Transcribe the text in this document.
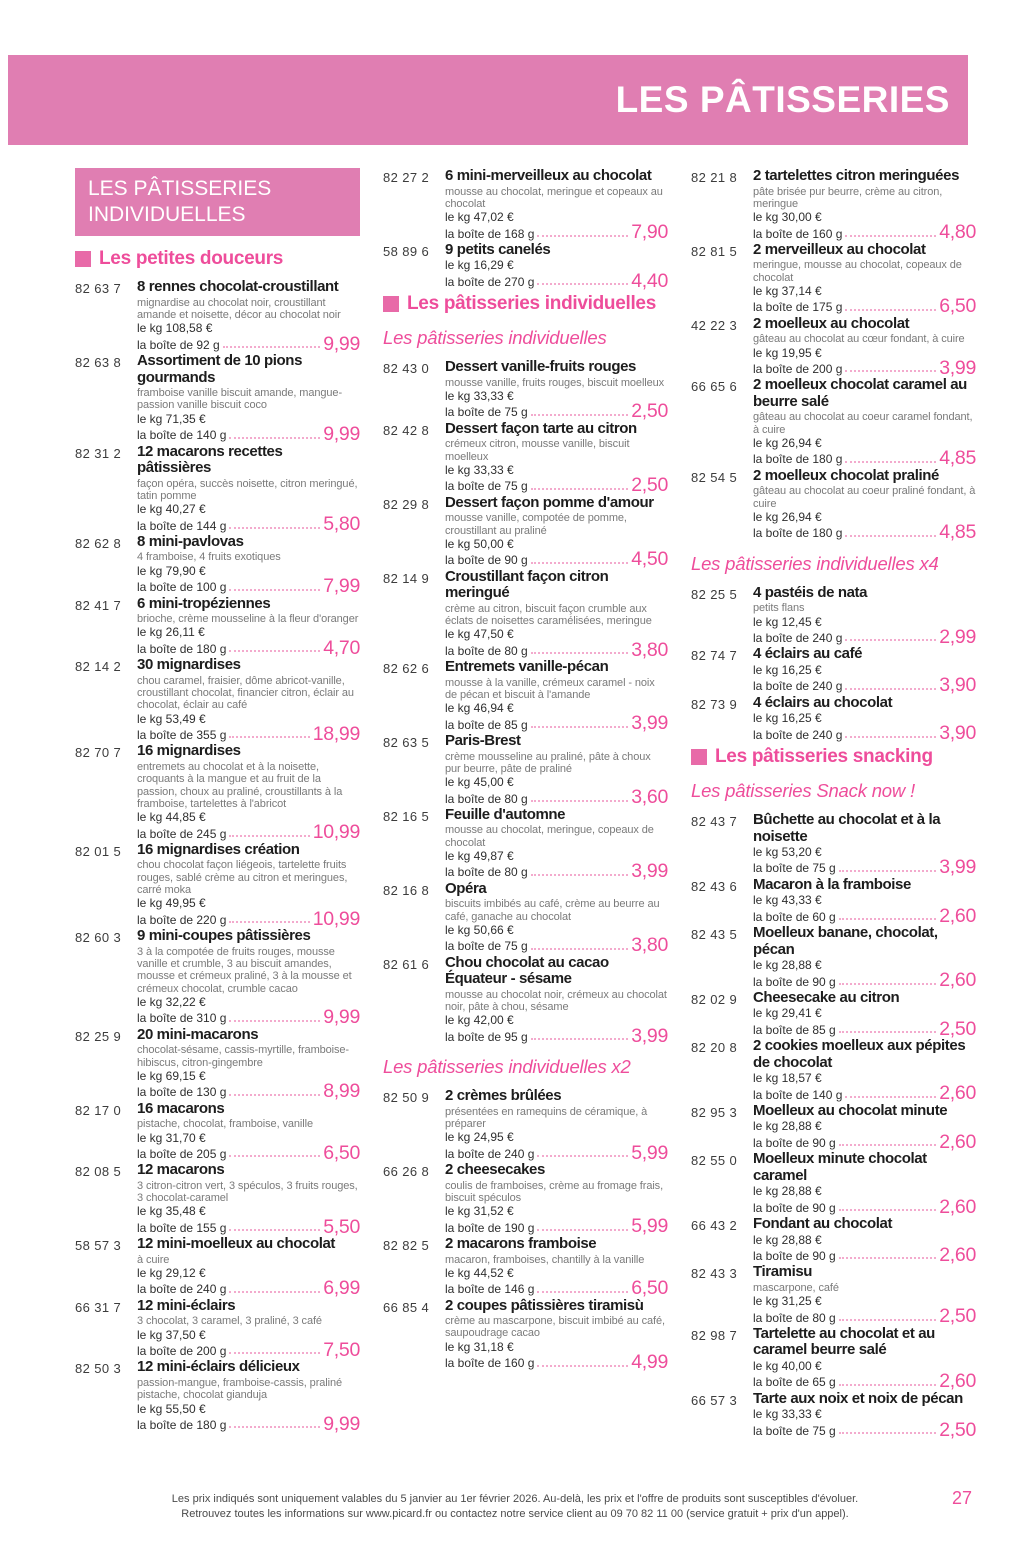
LES PÂTISSERIES
LES PÂTISSERIES INDIVIDUELLES
Les petites douceurs
82 63 7	8 rennes chocolat-croustillant
mignardise au chocolat noir, croustillant amande et noisette, décor au chocolat noir
le kg 108,58 €
la boîte de 92 g	9,99
82 63 8	Assortiment de 10 pions gourmands
framboise vanille biscuit amande, mangue-passion vanille biscuit coco
le kg 71,35 €
la boîte de 140 g	9,99
82 31 2	12 macarons recettes pâtissières
façon opéra, succès noisette, citron meringué, tatin pomme
le kg 40,27 €
la boîte de 144 g	5,80
82 62 8	8 mini-pavlovas
4 framboise, 4 fruits exotiques
le kg 79,90 €
la boîte de 100 g	7,99
82 41 7	6 mini-tropéziennes
brioche, crème mousseline à la fleur d'oranger
le kg 26,11 €
la boîte de 180 g	4,70
82 14 2	30 mignardises
chou caramel, fraisier, dôme abricot-vanille, croustillant chocolat, financier citron, éclair au chocolat, éclair au café
le kg 53,49 €
la boîte de 355 g	18,99
82 70 7	16 mignardises
entremets au chocolat et à la noisette, croquants à la mangue et au fruit de la passion, choux au praliné, croustillants à la framboise, tartelettes à l'abricot
le kg 44,85 €
la boîte de 245 g	10,99
82 01 5	16 mignardises création
chou chocolat façon liégeois, tartelette fruits rouges, sablé crème au citron et meringues, carré moka
le kg 49,95 €
la boîte de 220 g	10,99
82 60 3	9 mini-coupes pâtissières
3 à la compotée de fruits rouges, mousse vanille et crumble, 3 au biscuit amandes, mousse et crémeux praliné, 3 à la mousse et crémeux chocolat, crumble cacao
le kg 32,22 €
la boîte de 310 g	9,99
82 25 9	20 mini-macarons
chocolat-sésame, cassis-myrtille, framboise-hibiscus, citron-gingembre
le kg 69,15 €
la boîte de 130 g	8,99
82 17 0	16 macarons
pistache, chocolat, framboise, vanille
le kg 31,70 €
la boîte de 205 g	6,50
82 08 5	12 macarons
3 citron-citron vert, 3 spéculos, 3 fruits rouges, 3 chocolat-caramel
le kg 35,48 €
la boîte de 155 g	5,50
58 57 3	12 mini-moelleux au chocolat
à cuire
le kg 29,12 €
la boîte de 240 g	6,99
66 31 7	12 mini-éclairs
3 chocolat, 3 caramel, 3 praliné, 3 café
le kg 37,50 €
la boîte de 200 g	7,50
82 50 3	12 mini-éclairs délicieux
passion-mangue, framboise-cassis, praliné pistache, chocolat gianduja
le kg 55,50 €
la boîte de 180 g	9,99
82 27 2	6 mini-merveilleux au chocolat
mousse au chocolat, meringue et copeaux au chocolat
le kg 47,02 €
la boîte de 168 g	7,90
58 89 6	9 petits canelés
le kg 16,29 €
la boîte de 270 g	4,40
Les pâtisseries individuelles
Les pâtisseries individuelles
82 43 0	Dessert vanille-fruits rouges
mousse vanille, fruits rouges, biscuit moelleux
le kg 33,33 €
la boîte de 75 g	2,50
82 42 8	Dessert façon tarte au citron
crémeux citron, mousse vanille, biscuit moelleux
le kg 33,33 €
la boîte de 75 g	2,50
82 29 8	Dessert façon pomme d'amour
mousse vanille, compotée de pomme, croustillant au praliné
le kg 50,00 €
la boîte de 90 g	4,50
82 14 9	Croustillant façon citron meringué
crème au citron, biscuit façon crumble aux éclats de noisettes caramélisées, meringue
le kg 47,50 €
la boîte de 80 g	3,80
82 62 6	Entremets vanille-pécan
mousse à la vanille, crémeux caramel - noix de pécan et biscuit à l'amande
le kg 46,94 €
la boîte de 85 g	3,99
82 63 5	Paris-Brest
crème mousseline au praliné, pâte à choux pur beurre, pâte de praliné
le kg 45,00 €
la boîte de 80 g	3,60
82 16 5	Feuille d'automne
mousse au chocolat, meringue, copeaux de chocolat
le kg 49,87 €
la boîte de 80 g	3,99
82 16 8	Opéra
biscuits imbibés au café, crème au beurre au café, ganache au chocolat
le kg 50,66 €
la boîte de 75 g	3,80
82 61 6	Chou chocolat au cacao Équateur - sésame
mousse au chocolat noir, crémeux au chocolat noir, pâte à chou, sésame
le kg 42,00 €
la boîte de 95 g	3,99
Les pâtisseries individuelles x2
82 50 9	2 crèmes brûlées
présentées en ramequins de céramique, à préparer
le kg 24,95 €
la boîte de 240 g	5,99
66 26 8	2 cheesecakes
coulis de framboises, crème au fromage frais, biscuit spéculos
le kg 31,52 €
la boîte de 190 g	5,99
82 82 5	2 macarons framboise
macaron, framboises, chantilly à la vanille
le kg 44,52 €
la boîte de 146 g	6,50
66 85 4	2 coupes pâtissières tiramisù
crème au mascarpone, biscuit imbibé au café, saupoudrage cacao
le kg 31,18 €
la boîte de 160 g	4,99
82 21 8	2 tartelettes citron meringuées
pâte brisée pur beurre, crème au citron, meringue
le kg 30,00 €
la boîte de 160 g	4,80
82 81 5	2 merveilleux au chocolat
meringue, mousse au chocolat, copeaux de chocolat
le kg 37,14 €
la boîte de 175 g	6,50
42 22 3	2 moelleux au chocolat
gâteau au chocolat au cœur fondant, à cuire
le kg 19,95 €
la boîte de 200 g	3,99
66 65 6	2 moelleux chocolat caramel au beurre salé
gâteau au chocolat au coeur caramel fondant, à cuire
le kg 26,94 €
la boîte de 180 g	4,85
82 54 5	2 moelleux chocolat praliné
gâteau au chocolat au coeur praliné fondant, à cuire
le kg 26,94 €
la boîte de 180 g	4,85
Les pâtisseries individuelles x4
82 25 5	4 pastéis de nata
petits flans
le kg 12,45 €
la boîte de 240 g	2,99
82 74 7	4 éclairs au café
le kg 16,25 €
la boîte de 240 g	3,90
82 73 9	4 éclairs au chocolat
le kg 16,25 €
la boîte de 240 g	3,90
Les pâtisseries snacking
Les pâtisseries Snack now !
82 43 7	Bûchette au chocolat et à la noisette
le kg 53,20 €
la boîte de 75 g	3,99
82 43 6	Macaron à la framboise
le kg 43,33 €
la boîte de 60 g	2,60
82 43 5	Moelleux banane, chocolat, pécan
le kg 28,88 €
la boîte de 90 g	2,60
82 02 9	Cheesecake au citron
le kg 29,41 €
la boîte de 85 g	2,50
82 20 8	2 cookies moelleux aux pépites de chocolat
le kg 18,57 €
la boîte de 140 g	2,60
82 95 3	Moelleux au chocolat minute
le kg 28,88 €
la boîte de 90 g	2,60
82 55 0	Moelleux minute chocolat caramel
le kg 28,88 €
la boîte de 90 g	2,60
66 43 2	Fondant au chocolat
le kg 28,88 €
la boîte de 90 g	2,60
82 43 3	Tiramisu
mascarpone, café
le kg 31,25 €
la boîte de 80 g	2,50
82 98 7	Tartelette au chocolat et au caramel beurre salé
le kg 40,00 €
la boîte de 65 g	2,60
66 57 3	Tarte aux noix et noix de pécan
le kg 33,33 €
la boîte de 75 g	2,50
Les prix indiqués sont uniquement valables du 5 janvier au 1er février 2026. Au-delà, les prix et l'offre de produits sont susceptibles d'évoluer.
Retrouvez toutes les informations sur www.picard.fr ou contactez notre service client au 09 70 82 11 00 (service gratuit + prix d'un appel).
27
